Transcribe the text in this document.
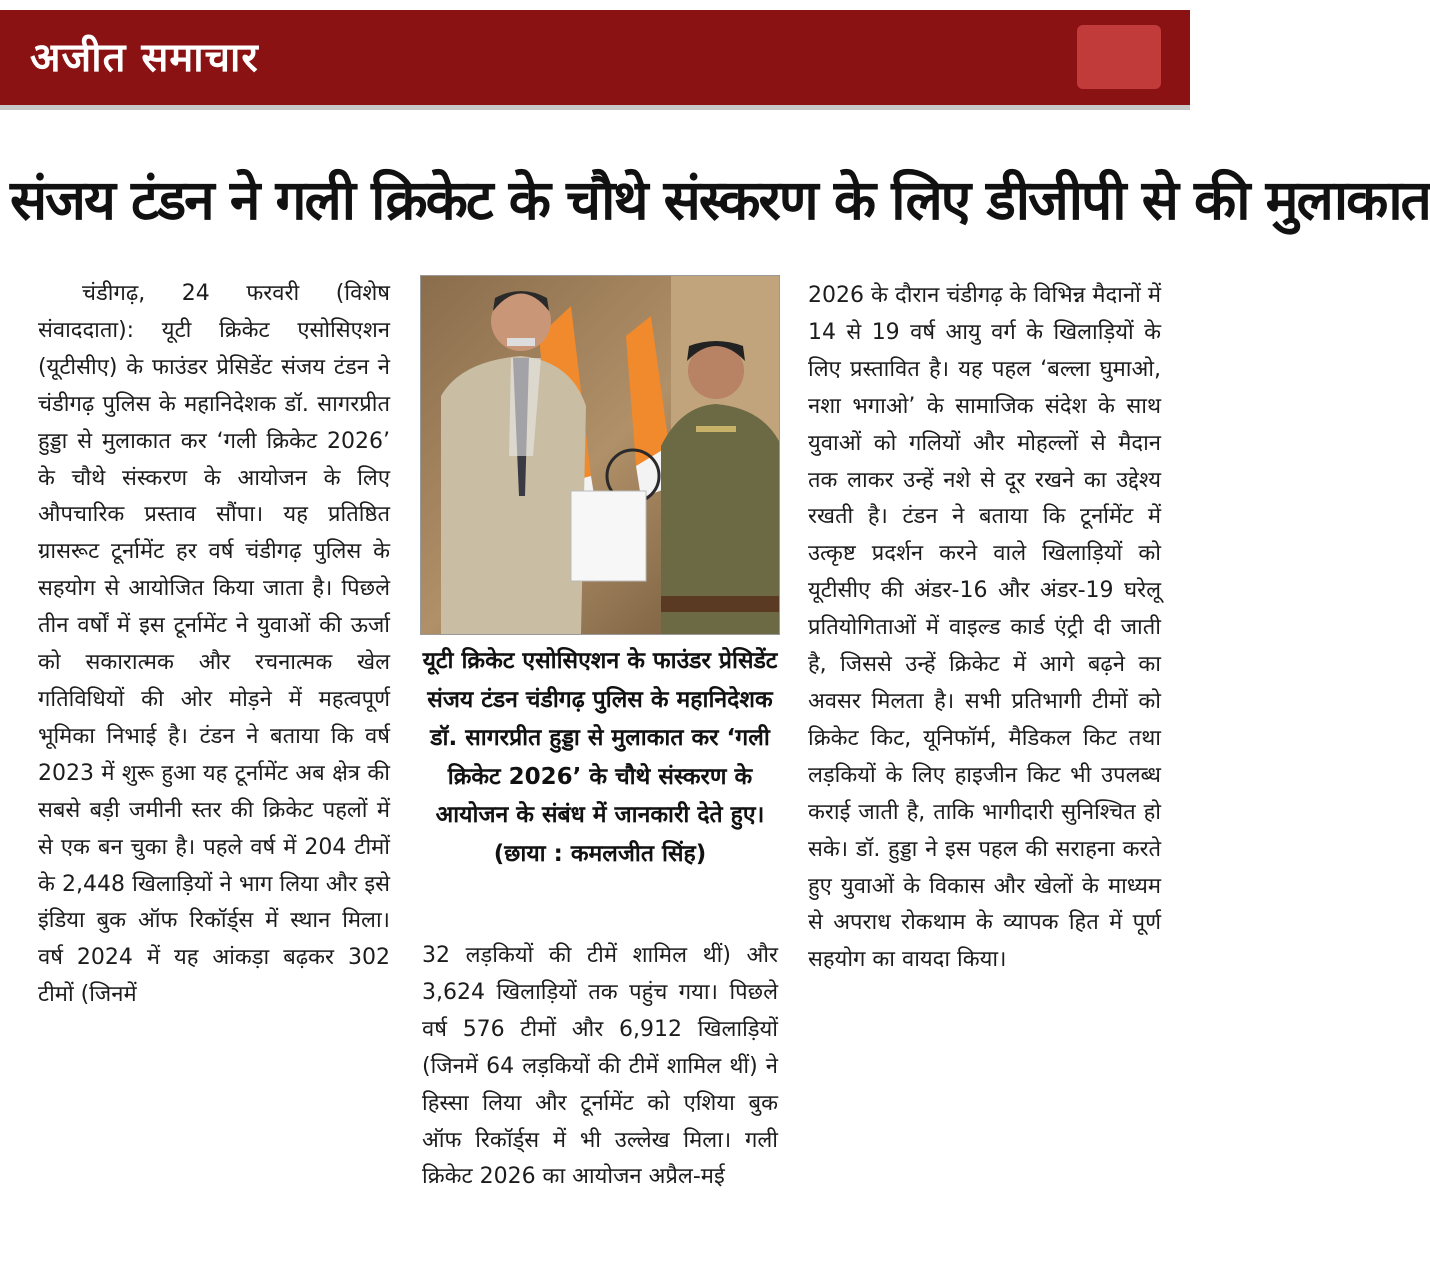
अजीत समाचार
संजय टंडन ने गली क्रिकेट के चौथे संस्करण के लिए डीजीपी से की मुलाकात
चंडीगढ़, 24 फरवरी (विशेष संवाददाता): यूटी क्रिकेट एसोसिएशन (यूटीसीए) के फाउंडर प्रेसिडेंट संजय टंडन ने चंडीगढ़ पुलिस के महानिदेशक डॉ. सागरप्रीत हुड्डा से मुलाकात कर ‘गली क्रिकेट 2026’ के चौथे संस्करण के आयोजन के लिए औपचारिक प्रस्ताव सौंपा। यह प्रतिष्ठित ग्रासरूट टूर्नामेंट हर वर्ष चंडीगढ़ पुलिस के सहयोग से आयोजित किया जाता है। पिछले तीन वर्षों में इस टूर्नामेंट ने युवाओं की ऊर्जा को सकारात्मक और रचनात्मक खेल गतिविधियों की ओर मोड़ने में महत्वपूर्ण भूमिका निभाई है। टंडन ने बताया कि वर्ष 2023 में शुरू हुआ यह टूर्नामेंट अब क्षेत्र की सबसे बड़ी जमीनी स्तर की क्रिकेट पहलों में से एक बन चुका है। पहले वर्ष में 204 टीमों के 2,448 खिलाड़ियों ने भाग लिया और इसे इंडिया बुक ऑफ रिकॉर्ड्स में स्थान मिला। वर्ष 2024 में यह आंकड़ा बढ़कर 302 टीमों (जिनमें
यूटी क्रिकेट एसोसिएशन के फाउंडर प्रेसिडेंट संजय टंडन चंडीगढ़ पुलिस के महानिदेशक डॉ. सागरप्रीत हुड्डा से मुलाकात कर ‘गली क्रिकेट 2026’ के चौथे संस्करण के आयोजन के संबंध में जानकारी देते हुए। (छाया : कमलजीत सिंह)
32 लड़कियों की टीमें शामिल थीं) और 3,624 खिलाड़ियों तक पहुंच गया। पिछले वर्ष 576 टीमों और 6,912 खिलाड़ियों (जिनमें 64 लड़कियों की टीमें शामिल थीं) ने हिस्सा लिया और टूर्नामेंट को एशिया बुक ऑफ रिकॉर्ड्स में भी उल्लेख मिला। गली क्रिकेट 2026 का आयोजन अप्रैल-मई
2026 के दौरान चंडीगढ़ के विभिन्न मैदानों में 14 से 19 वर्ष आयु वर्ग के खिलाड़ियों के लिए प्रस्तावित है। यह पहल ‘बल्ला घुमाओ, नशा भगाओ’ के सामाजिक संदेश के साथ युवाओं को गलियों और मोहल्लों से मैदान तक लाकर उन्हें नशे से दूर रखने का उद्देश्य रखती है। टंडन ने बताया कि टूर्नामेंट में उत्कृष्ट प्रदर्शन करने वाले खिलाड़ियों को यूटीसीए की अंडर-16 और अंडर-19 घरेलू प्रतियोगिताओं में वाइल्ड कार्ड एंट्री दी जाती है, जिससे उन्हें क्रिकेट में आगे बढ़ने का अवसर मिलता है। सभी प्रतिभागी टीमों को क्रिकेट किट, यूनिफॉर्म, मैडिकल किट तथा लड़कियों के लिए हाइजीन किट भी उपलब्ध कराई जाती है, ताकि भागीदारी सुनिश्चित हो सके। डॉ. हुड्डा ने इस पहल की सराहना करते हुए युवाओं के विकास और खेलों के माध्यम से अपराध रोकथाम के व्यापक हित में पूर्ण सहयोग का वायदा किया।
